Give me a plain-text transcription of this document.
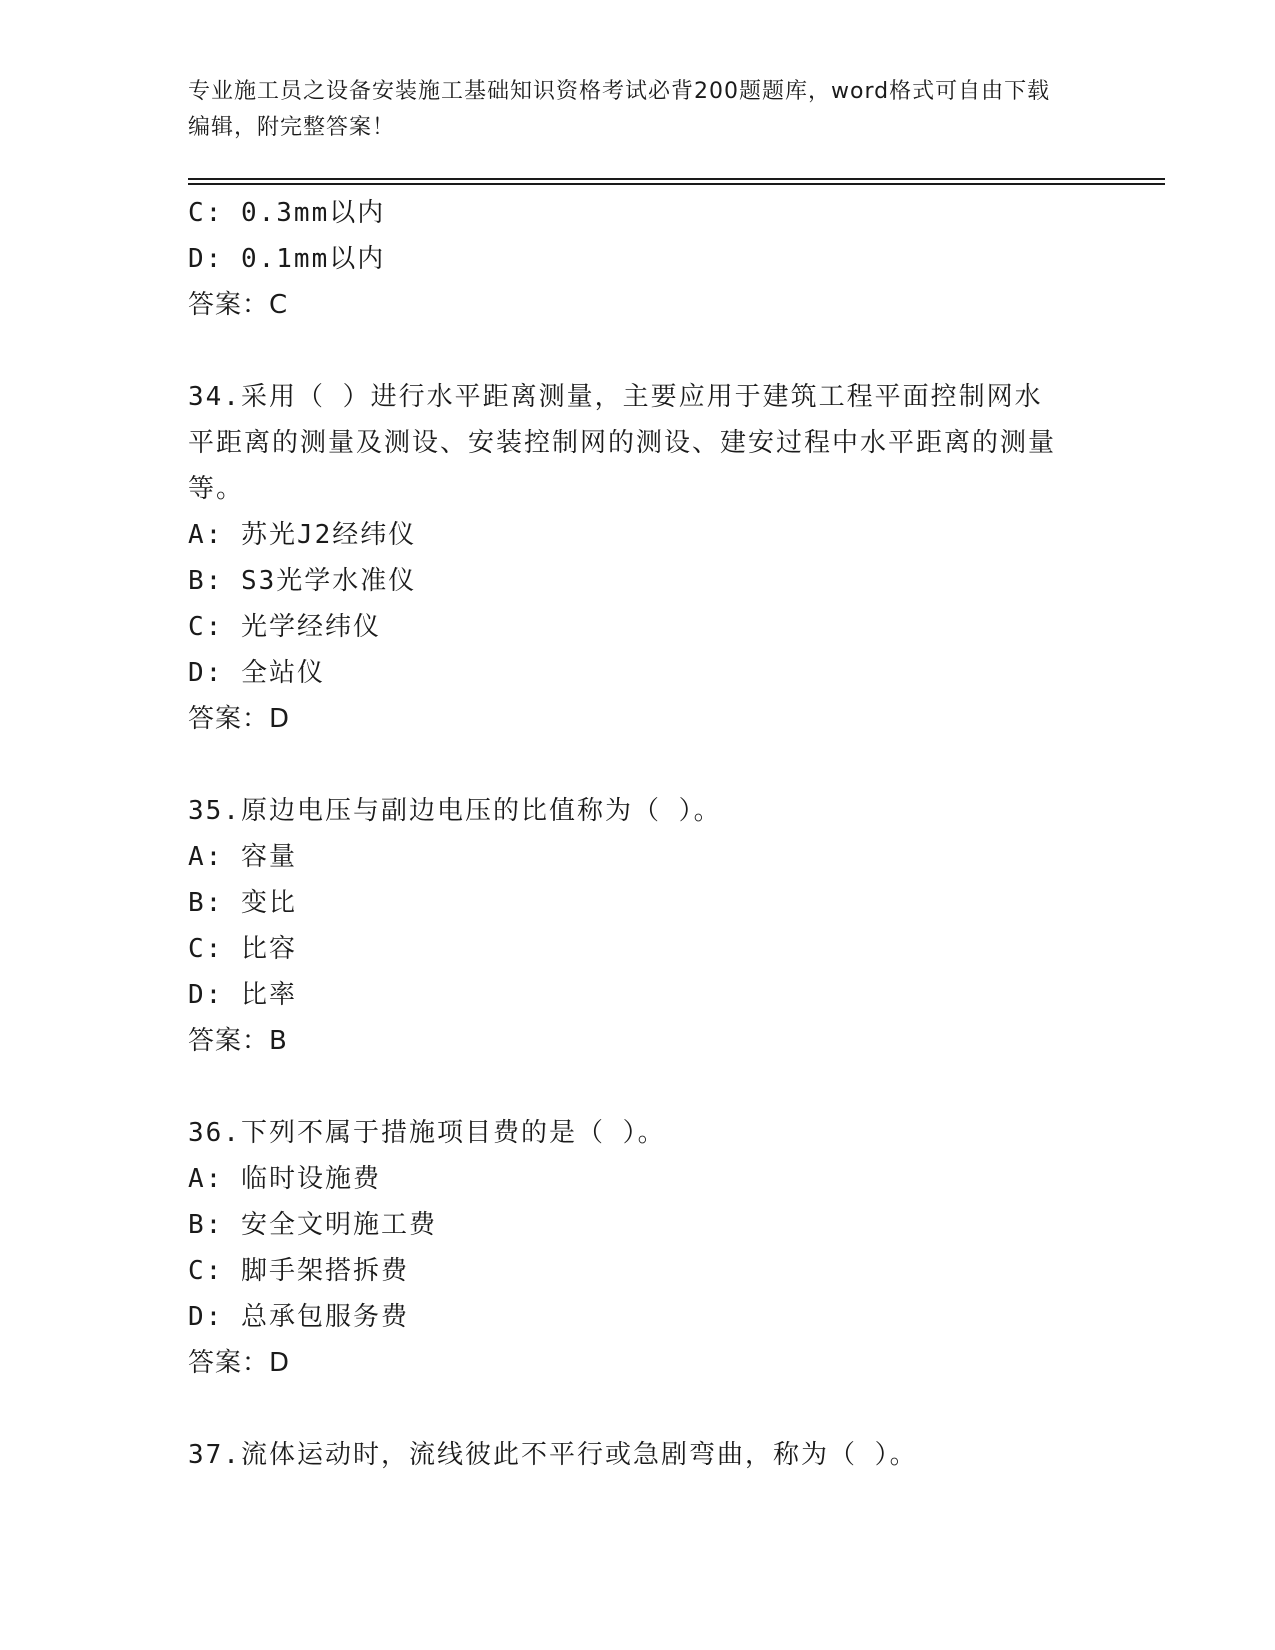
专业施工员之设备安装施工基础知识资格考试必背200题题库，word格式可自由下载编辑，附完整答案！
C: 0.3mm以内
D: 0.1mm以内
答案：C
34.采用（ ）进行水平距离测量，主要应用于建筑工程平面控制网水平距离的测量及测设、安装控制网的测设、建安过程中水平距离的测量等。
A: 苏光J2经纬仪
B: S3光学水准仪
C: 光学经纬仪
D: 全站仪
答案：D
35.原边电压与副边电压的比值称为（ ）。
A: 容量
B: 变比
C: 比容
D: 比率
答案：B
36.下列不属于措施项目费的是（ ）。
A: 临时设施费
B: 安全文明施工费
C: 脚手架搭拆费
D: 总承包服务费
答案：D
37.流体运动时，流线彼此不平行或急剧弯曲，称为（ ）。
